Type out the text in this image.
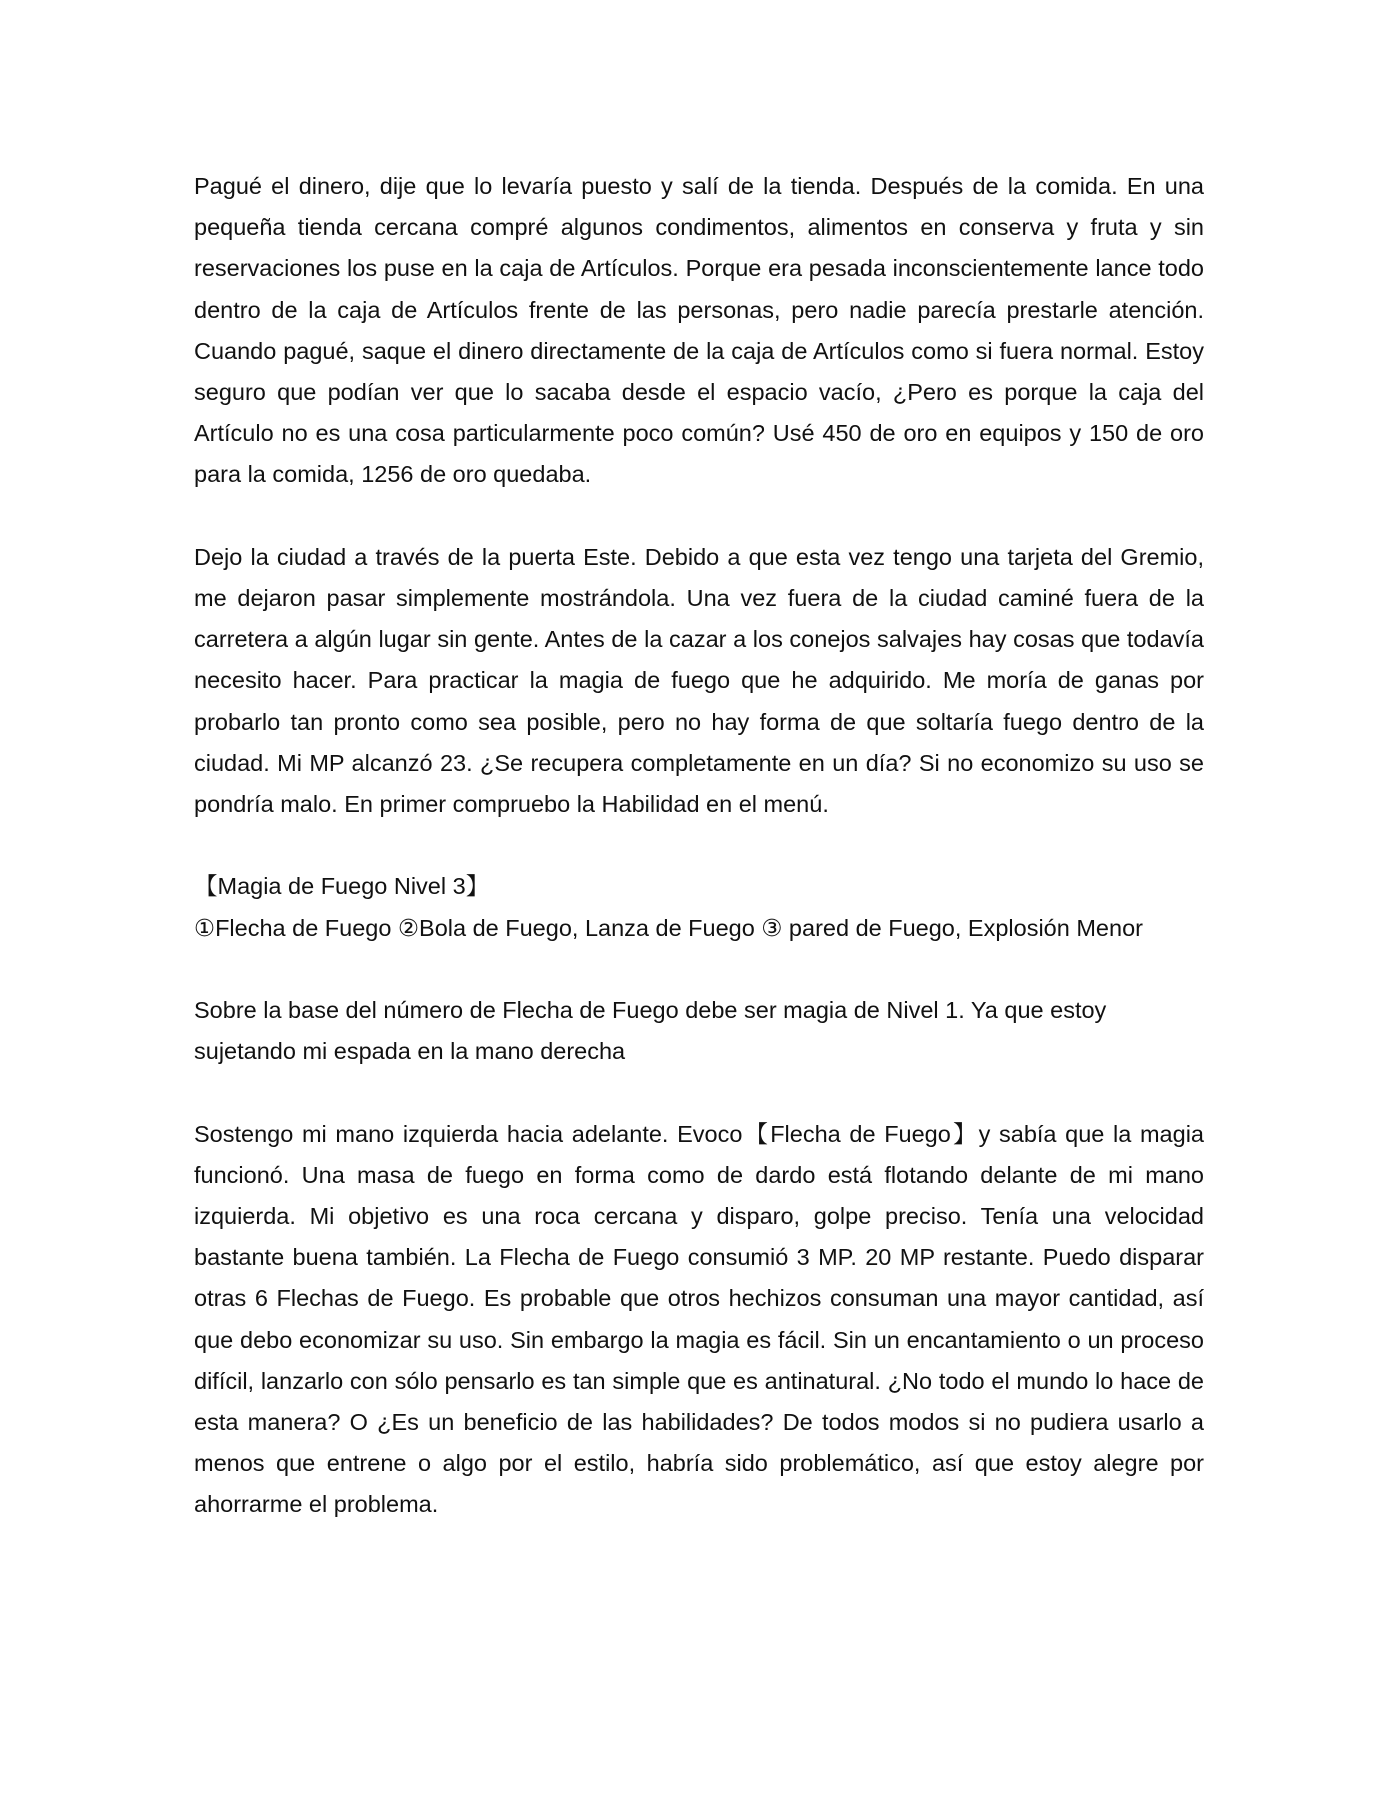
Pagué el dinero, dije que lo levaría puesto y salí de la tienda. Después de la comida. En una pequeña tienda cercana compré algunos condimentos, alimentos en conserva y fruta y sin reservaciones los puse en la caja de Artículos. Porque era pesada inconscientemente lance todo dentro de la caja de Artículos frente de las personas, pero nadie parecía prestarle atención. Cuando pagué, saque el dinero directamente de la caja de Artículos como si fuera normal. Estoy seguro que podían ver que lo sacaba desde el espacio vacío, ¿Pero es porque la caja del Artículo no es una cosa particularmente poco común? Usé 450 de oro en equipos y 150 de oro para la comida, 1256 de oro quedaba.

Dejo la ciudad a través de la puerta Este. Debido a que esta vez tengo una tarjeta del Gremio, me dejaron pasar simplemente mostrándola. Una vez fuera de la ciudad caminé fuera de la carretera a algún lugar sin gente. Antes de la cazar a los conejos salvajes hay cosas que todavía necesito hacer. Para practicar la magia de fuego que he adquirido. Me moría de ganas por probarlo tan pronto como sea posible, pero no hay forma de que soltaría fuego dentro de la ciudad. Mi MP alcanzó 23. ¿Se recupera completamente en un día? Si no economizo su uso se pondría malo. En primer compruebo la Habilidad en el menú.

【Magia de Fuego Nivel 3】

①Flecha de Fuego ②Bola de Fuego, Lanza de Fuego ③ pared de Fuego, Explosión Menor

Sobre la base del número de Flecha de Fuego debe ser magia de Nivel 1. Ya que estoy sujetando mi espada en la mano derecha

Sostengo mi mano izquierda hacia adelante. Evoco【Flecha de Fuego】y sabía que la magia funcionó. Una masa de fuego en forma como de dardo está flotando delante de mi mano izquierda. Mi objetivo es una roca cercana y disparo, golpe preciso. Tenía una velocidad bastante buena también. La Flecha de Fuego consumió 3 MP. 20 MP restante. Puedo disparar otras 6 Flechas de Fuego. Es probable que otros hechizos consuman una mayor cantidad, así que debo economizar su uso. Sin embargo la magia es fácil. Sin un encantamiento o un proceso difícil, lanzarlo con sólo pensarlo es tan simple que es antinatural. ¿No todo el mundo lo hace de esta manera? O ¿Es un beneficio de las habilidades? De todos modos si no pudiera usarlo a menos que entrene o algo por el estilo, habría sido problemático, así que estoy alegre por ahorrarme el problema.
